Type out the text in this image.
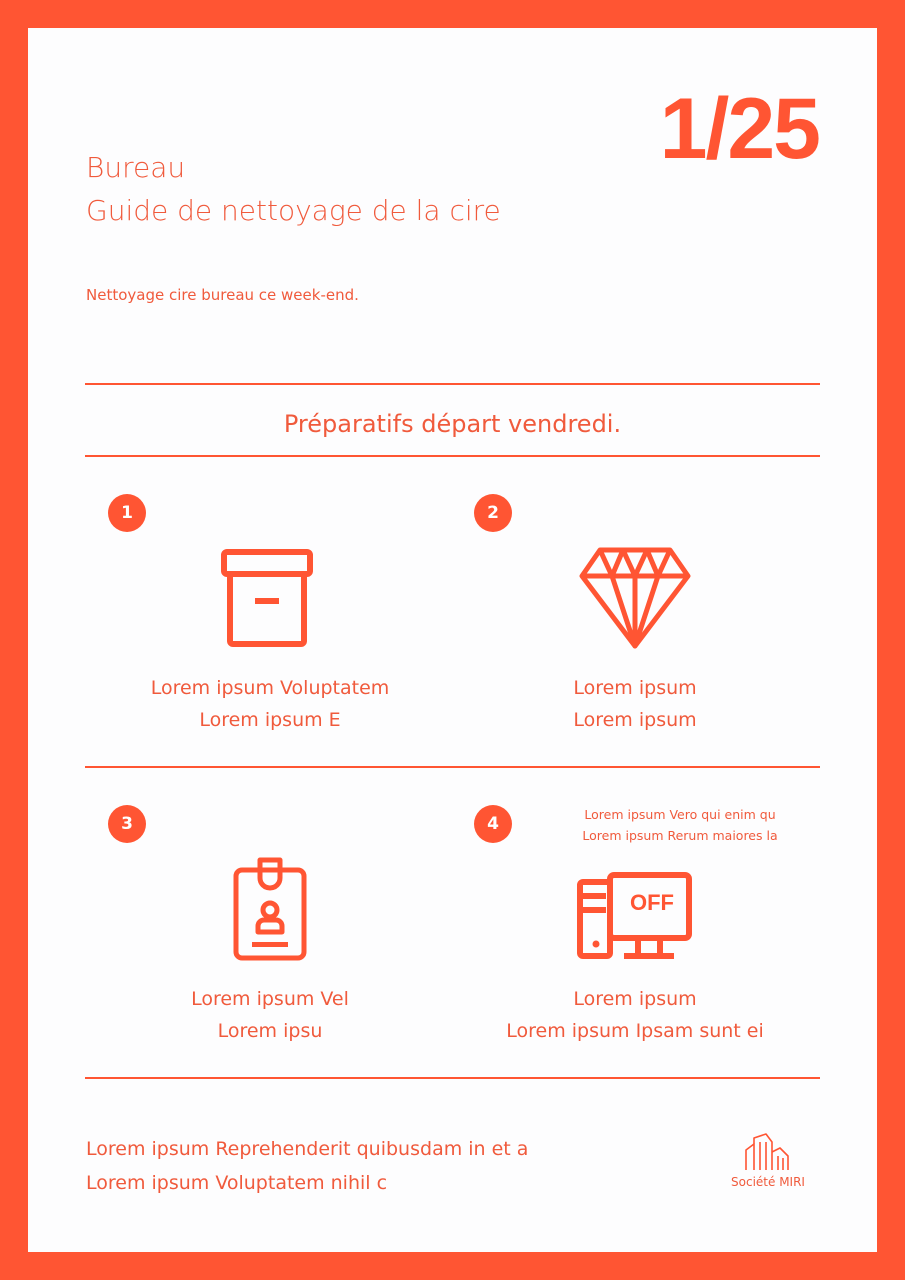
1/25
Bureau
Guide de nettoyage de la cire
Nettoyage cire bureau ce week-end.
Préparatifs départ vendredi.
1
Lorem ipsum Voluptatem
Lorem ipsum E
2
Lorem ipsum
Lorem ipsum
3
Lorem ipsum Vel
Lorem ipsu
4	Lorem ipsum Vero qui enim qu
Lorem ipsum Rerum maiores la
OFF
Lorem ipsum
Lorem ipsum Ipsam sunt ei
Lorem ipsum Reprehenderit quibusdam in et a
Lorem ipsum Voluptatem nihil c	Société MIRI
